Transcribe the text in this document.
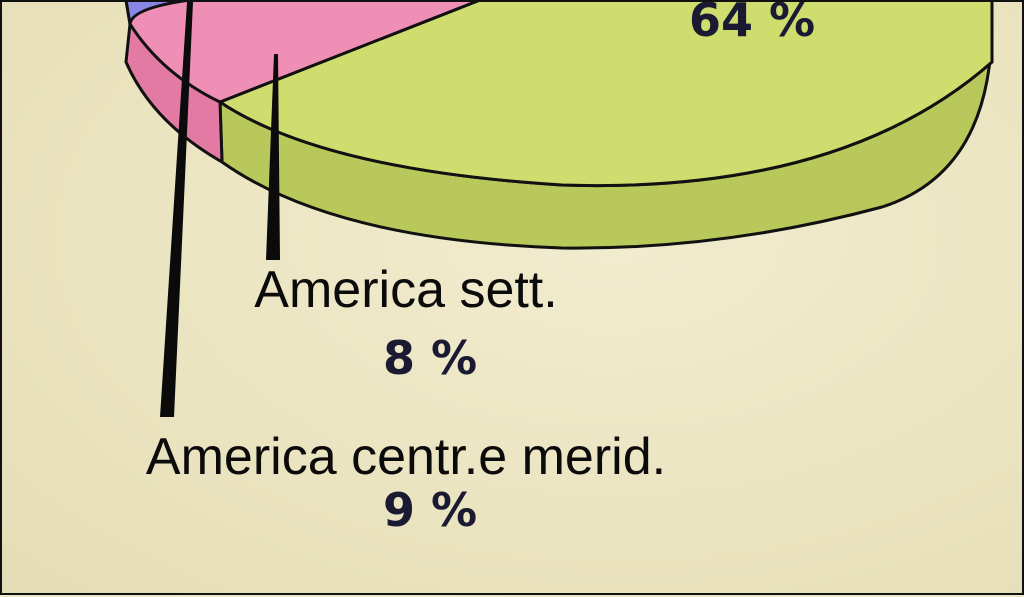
64 %
America sett.
8 %
America centr.e merid.
9 %
